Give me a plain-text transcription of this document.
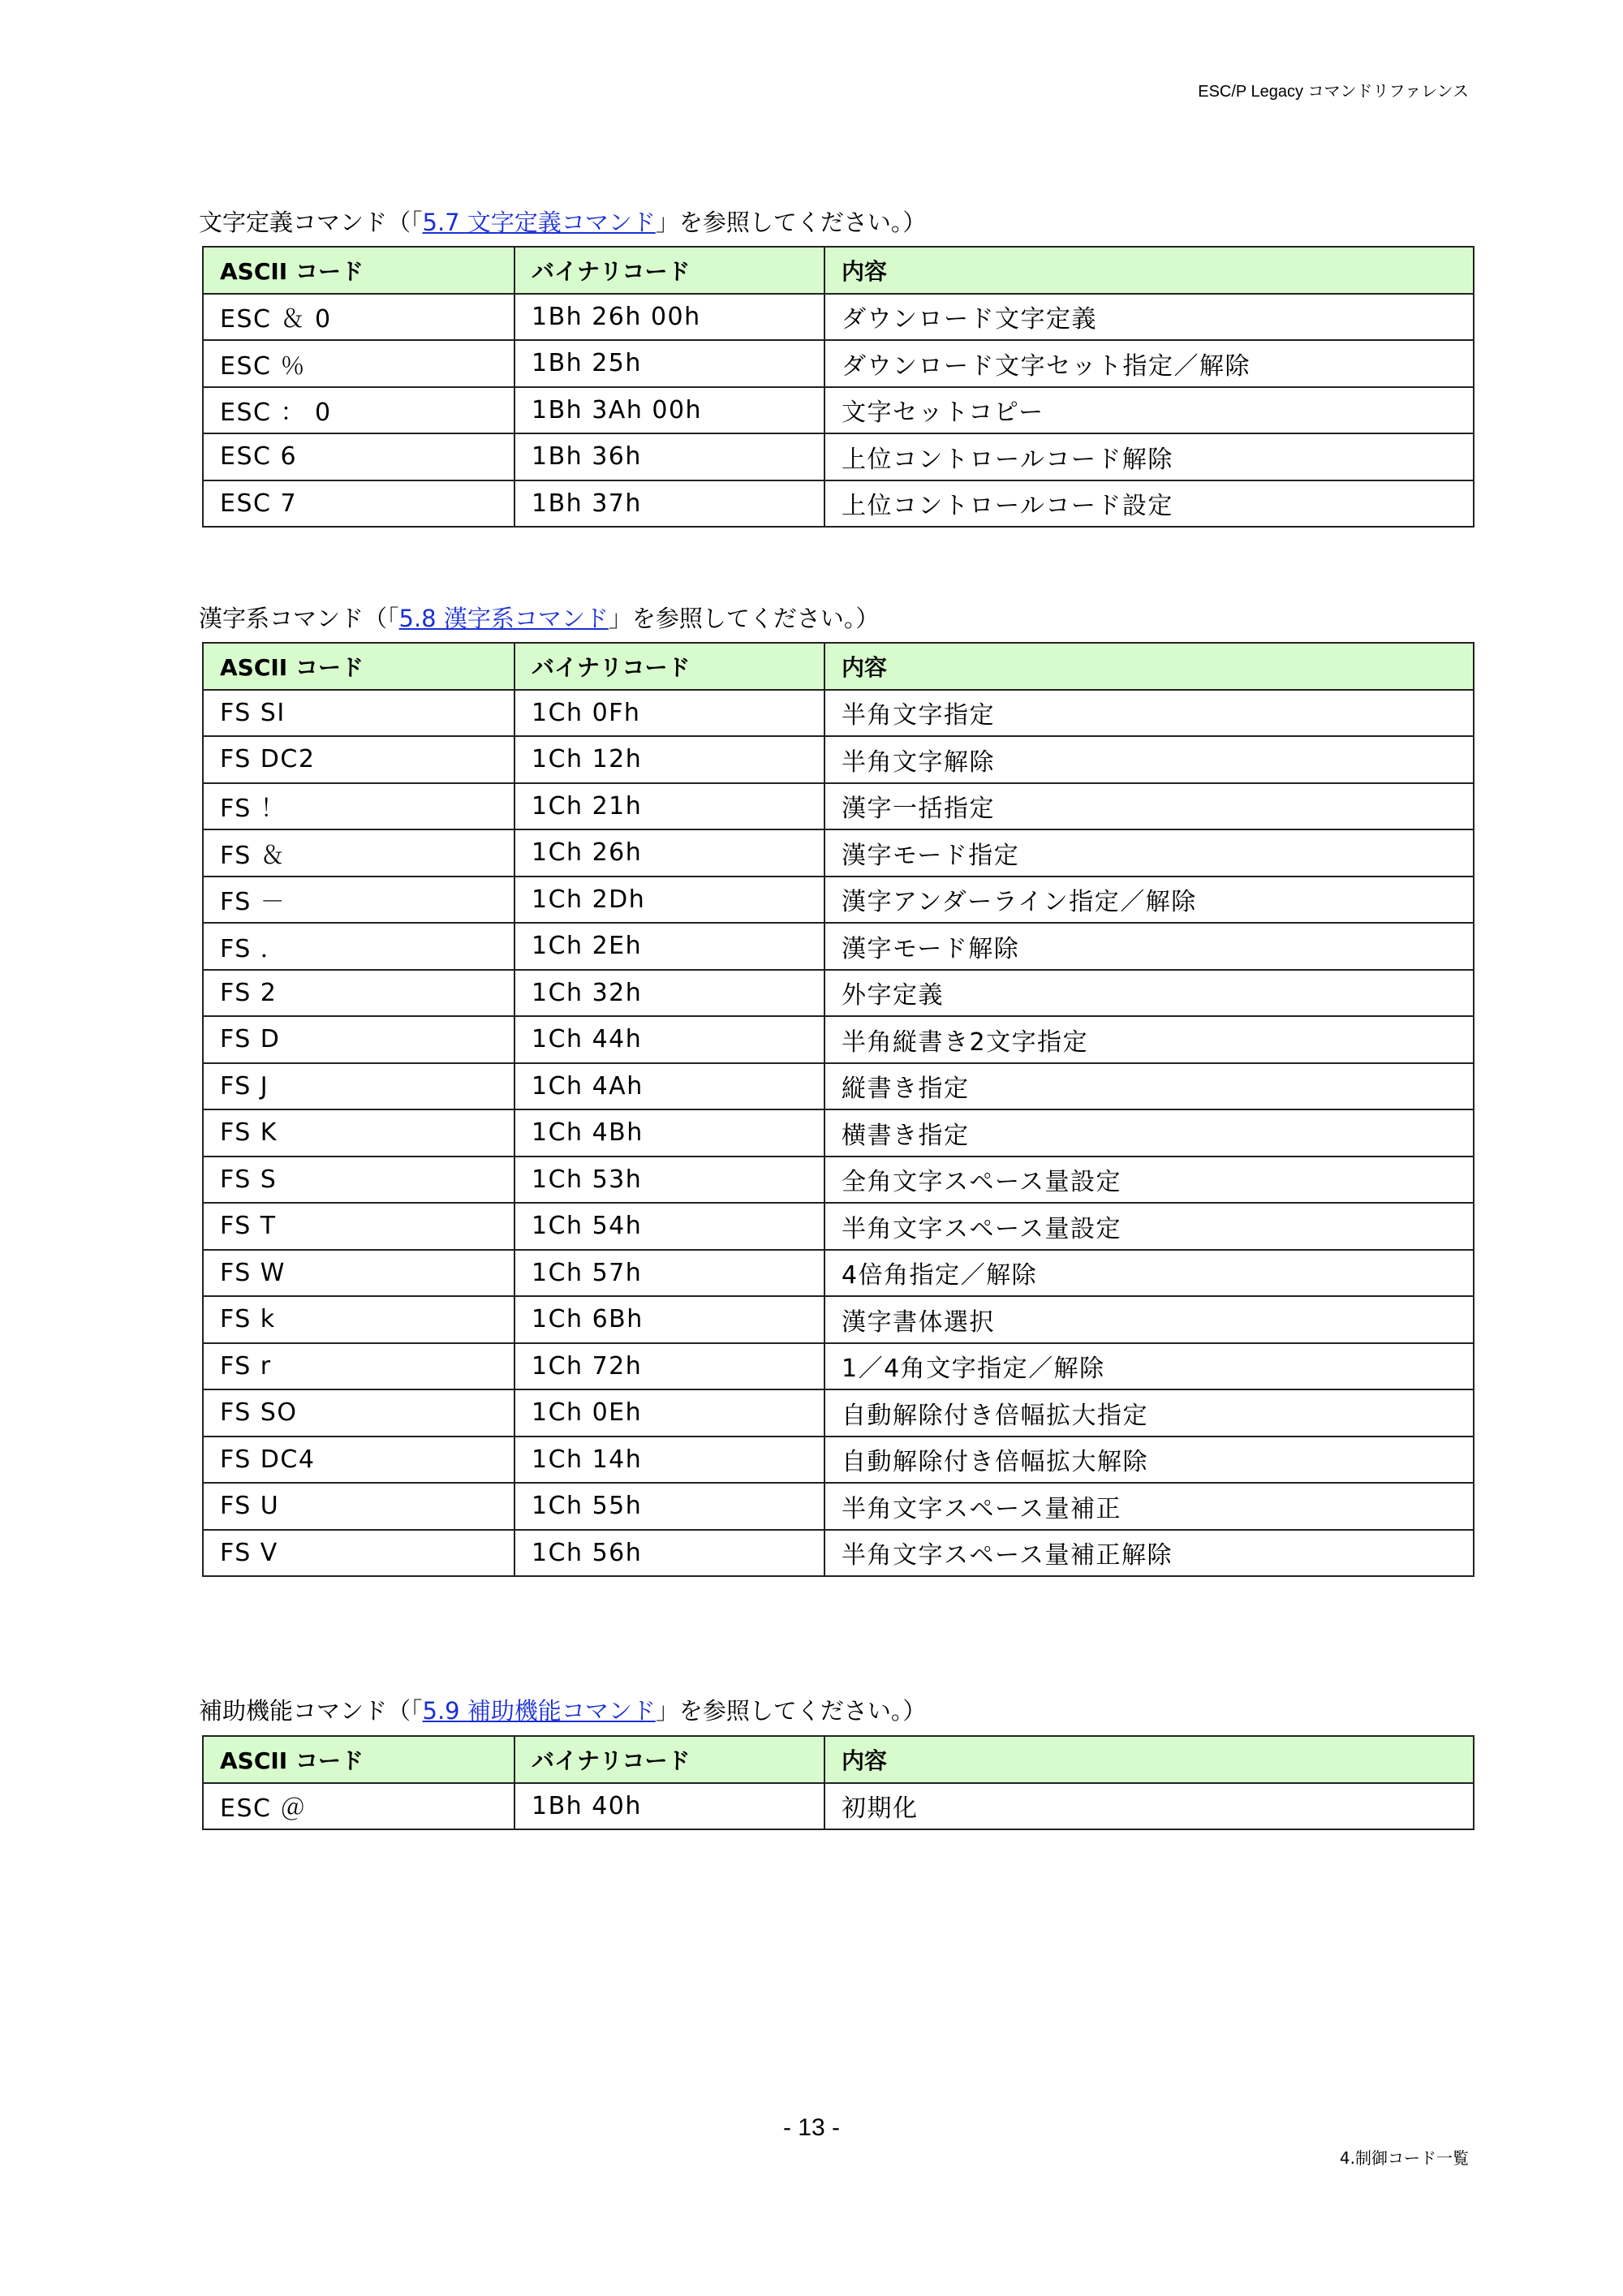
ESC/P Legacy コマンドリファレンス
文字定義コマンド（「5.7 文字定義コマンド」を参照してください。）
ASCII コード	バイナリコード	内容
ESC ＆ 0	1Bh 26h 00h	ダウンロード文字定義
ESC ％	1Bh 25h	ダウンロード文字セット指定／解除
ESC ： 0	1Bh 3Ah 00h	文字セットコピー
ESC 6	1Bh 36h	上位コントロールコード解除
ESC 7	1Bh 37h	上位コントロールコード設定
漢字系コマンド（「5.8 漢字系コマンド」を参照してください。）
ASCII コード	バイナリコード	内容
FS SI	1Ch 0Fh	半角文字指定
FS DC2	1Ch 12h	半角文字解除
FS ！	1Ch 21h	漢字一括指定
FS ＆	1Ch 26h	漢字モード指定
FS －	1Ch 2Dh	漢字アンダーライン指定／解除
FS ．	1Ch 2Eh	漢字モード解除
FS 2	1Ch 32h	外字定義
FS D	1Ch 44h	半角縦書き2文字指定
FS J	1Ch 4Ah	縦書き指定
FS K	1Ch 4Bh	横書き指定
FS S	1Ch 53h	全角文字スペース量設定
FS T	1Ch 54h	半角文字スペース量設定
FS W	1Ch 57h	4倍角指定／解除
FS k	1Ch 6Bh	漢字書体選択
FS r	1Ch 72h	1／4角文字指定／解除
FS SO	1Ch 0Eh	自動解除付き倍幅拡大指定
FS DC4	1Ch 14h	自動解除付き倍幅拡大解除
FS U	1Ch 55h	半角文字スペース量補正
FS V	1Ch 56h	半角文字スペース量補正解除
補助機能コマンド（「5.9 補助機能コマンド」を参照してください。）
ASCII コード	バイナリコード	内容
ESC ＠	1Bh 40h	初期化
- 13 -
4.制御コード一覧
